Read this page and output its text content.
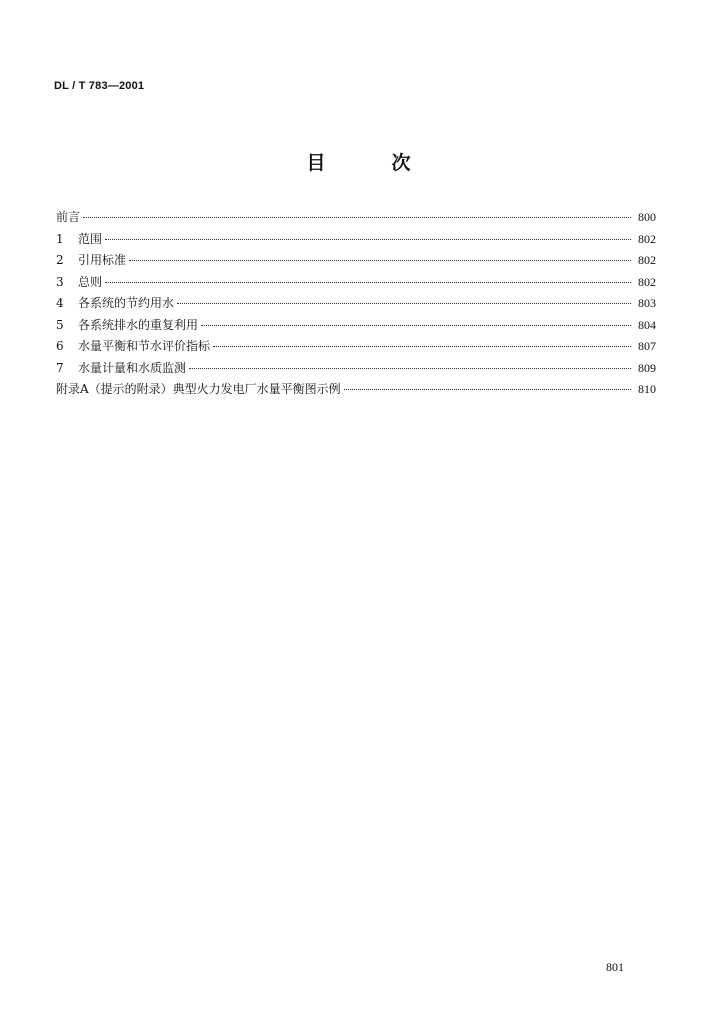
DL / T 783—2001
目	次
前言	800
1	范围	802
2	引用标准	802
3	总则	802
4	各系统的节约用水	803
5	各系统排水的重复利用	804
6	水量平衡和节水评价指标	807
7	水量计量和水质监测	809
附录A（提示的附录）典型火力发电厂水量平衡图示例	810
801
